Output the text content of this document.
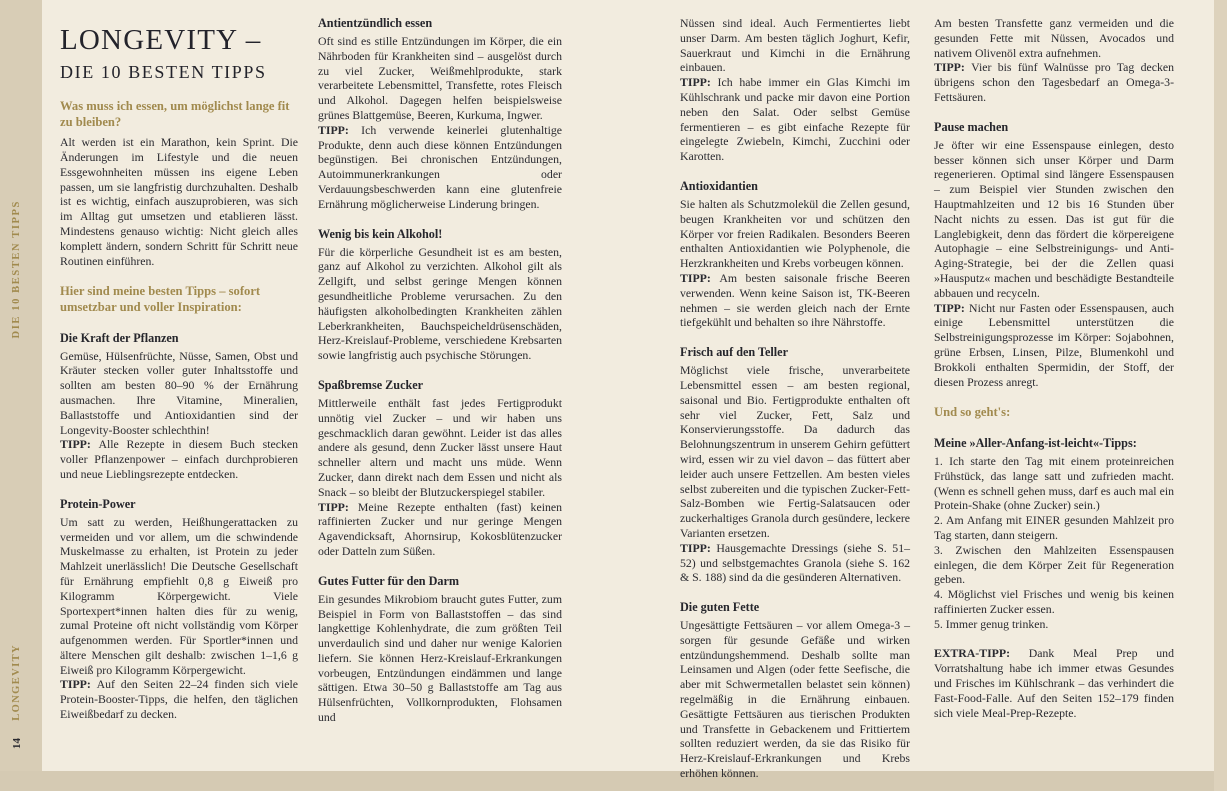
DIE 10 BESTEN TIPPS
LONGEVITY
14
LONGEVITY –
DIE 10 BESTEN TIPPS
Was muss ich essen, um möglichst lange fit zu bleiben?

Alt werden ist ein Marathon, kein Sprint. Die Änderungen im Lifestyle und die neuen Essgewohnheiten müssen ins eigene Leben passen, um sie langfristig durchzuhalten. Deshalb ist es wichtig, einfach auszuprobieren, was sich im Alltag gut umsetzen und etablieren lässt. Mindestens genauso wichtig: Nicht gleich alles komplett ändern, sondern Schritt für Schritt neue Routinen einführen.

Hier sind meine besten Tipps – sofort umsetzbar und voller Inspiration:
Die Kraft der Pflanzen

Gemüse, Hülsenfrüchte, Nüsse, Samen, Obst und Kräuter stecken voller guter Inhaltsstoffe und sollten am besten 80–90 % der Ernährung ausmachen. Ihre Vitamine, Mineralien, Ballaststoffe und Antioxidantien sind der Longevity-Booster schlechthin!

TIPP: Alle Rezepte in diesem Buch stecken voller Pflanzenpower – einfach durchprobieren und neue Lieblingsrezepte entdecken.

Protein-Power

Um satt zu werden, Heißhungerattacken zu vermeiden und vor allem, um die schwindende Muskelmasse zu erhalten, ist Protein zu jeder Mahlzeit unerlässlich! Die Deutsche Gesellschaft für Ernährung empfiehlt 0,8 g Eiweiß pro Kilogramm Körpergewicht. Viele Sportexpert*innen halten dies für zu wenig, zumal Proteine oft nicht vollständig vom Körper aufgenommen werden. Für Sportler*innen und ältere Menschen gilt deshalb: zwischen 1–1,6 g Eiweiß pro Kilogramm Körpergewicht.

TIPP: Auf den Seiten 22–24 finden sich viele Protein-Booster-Tipps, die helfen, den täglichen Eiweißbedarf zu decken.

Antientzündlich essen

Oft sind es stille Entzündungen im Körper, die ein Nährboden für Krankheiten sind – ausgelöst durch zu viel Zucker, Weißmehlprodukte, stark verarbeitete Lebensmittel, Transfette, rotes Fleisch und Alkohol. Dagegen helfen beispielsweise grünes Blattgemüse, Beeren, Kurkuma, Ingwer.

TIPP: Ich verwende keinerlei glutenhaltige Produkte, denn auch diese können Entzündungen begünstigen. Bei chronischen Entzündungen, Autoimmunerkrankungen oder Verdauungsbeschwerden kann eine glutenfreie Ernährung möglicherweise Linderung bringen.

Wenig bis kein Alkohol!

Für die körperliche Gesundheit ist es am besten, ganz auf Alkohol zu verzichten. Alkohol gilt als Zellgift, und selbst geringe Mengen können gesundheitliche Probleme verursachen. Zu den häufigsten alkoholbedingten Krankheiten zählen Leberkrankheiten, Bauchspeicheldrüsenschäden, Herz-Kreislauf-Probleme, verschiedene Krebsarten sowie langfristig auch psychische Störungen.

Spaßbremse Zucker

Mittlerweile enthält fast jedes Fertigprodukt unnötig viel Zucker – und wir haben uns geschmacklich daran gewöhnt. Leider ist das alles andere als gesund, denn Zucker lässt unsere Haut schneller altern und macht uns müde. Wenn Zucker, dann direkt nach dem Essen und nicht als Snack – so bleibt der Blutzuckerspiegel stabiler.

TIPP: Meine Rezepte enthalten (fast) keinen raffinierten Zucker und nur geringe Mengen Agavendicksaft, Ahornsirup, Kokosblütenzucker oder Datteln zum Süßen.

Gutes Futter für den Darm

Ein gesundes Mikrobiom braucht gutes Futter, zum Beispiel in Form von Ballaststoffen – das sind langkettige Kohlenhydrate, die zum größten Teil unverdaulich sind und daher nur wenige Kalorien liefern. Sie können Herz-Kreislauf-Erkrankungen vorbeugen, Entzündungen eindämmen und lange sättigen. Etwa 30–50 g Ballaststoffe am Tag aus Hülsenfrüchten, Vollkornprodukten, Flohsamen und

Nüssen sind ideal. Auch Fermentiertes liebt unser Darm. Am besten täglich Joghurt, Kefir, Sauerkraut und Kimchi in die Ernährung einbauen.

TIPP: Ich habe immer ein Glas Kimchi im Kühlschrank und packe mir davon eine Portion neben den Salat. Oder selbst Gemüse fermentieren – es gibt einfache Rezepte für eingelegte Zwiebeln, Kimchi, Zucchini oder Karotten.

Antioxidantien

Sie halten als Schutzmolekül die Zellen gesund, beugen Krankheiten vor und schützen den Körper vor freien Radikalen. Besonders Beeren enthalten Antioxidantien wie Polyphenole, die Herzkrankheiten und Krebs vorbeugen können.

TIPP: Am besten saisonale frische Beeren verwenden. Wenn keine Saison ist, TK-Beeren nehmen – sie werden gleich nach der Ernte tiefgekühlt und behalten so ihre Nährstoffe.

Frisch auf den Teller

Möglichst viele frische, unverarbeitete Lebensmittel essen – am besten regional, saisonal und Bio. Fertigprodukte enthalten oft sehr viel Zucker, Fett, Salz und Konservierungsstoffe. Da dadurch das Belohnungszentrum in unserem Gehirn gefüttert wird, essen wir zu viel davon – das füttert aber leider auch unsere Fettzellen. Am besten vieles selbst zubereiten und die typischen Zucker-Fett-Salz-Bomben wie Fertig-Salatsaucen oder zuckerhaltiges Granola durch gesündere, leckere Varianten ersetzen.

TIPP: Hausgemachte Dressings (siehe S. 51–52) und selbstgemachtes Granola (siehe S. 162 & S. 188) sind da die gesünderen Alternativen.

Die guten Fette

Ungesättigte Fettsäuren – vor allem Omega-3 – sorgen für gesunde Gefäße und wirken entzündungshemmend. Deshalb sollte man Leinsamen und Algen (oder fette Seefische, die aber mit Schwermetallen belastet sein können) regelmäßig in die Ernährung einbauen. Gesättigte Fettsäuren aus tierischen Produkten und Transfette in Gebackenem und Frittiertem sollten reduziert werden, da sie das Risiko für Herz-Kreislauf-Erkrankungen und Krebs erhöhen können.

Am besten Transfette ganz vermeiden und die gesunden Fette mit Nüssen, Avocados und nativem Olivenöl extra aufnehmen.

TIPP: Vier bis fünf Walnüsse pro Tag decken übrigens schon den Tagesbedarf an Omega-3-Fettsäuren.

Pause machen

Je öfter wir eine Essenspause einlegen, desto besser können sich unser Körper und Darm regenerieren. Optimal sind längere Essenspausen – zum Beispiel vier Stunden zwischen den Hauptmahlzeiten und 12 bis 16 Stunden über Nacht nichts zu essen. Das ist gut für die Langlebigkeit, denn das fördert die körpereigene Autophagie – eine Selbstreinigungs- und Anti-Aging-Strategie, bei der die Zellen quasi »Hausputz« machen und beschädigte Bestandteile abbauen und recyceln.

TIPP: Nicht nur Fasten oder Essenspausen, auch einige Lebensmittel unterstützen die Selbstreinigungsprozesse im Körper: Sojabohnen, grüne Erbsen, Linsen, Pilze, Blumenkohl und Brokkoli enthalten Spermidin, der Stoff, der diesen Prozess anregt.

Und so geht's:
Meine »Aller-Anfang-ist-leicht«-Tipps:

1. Ich starte den Tag mit einem proteinreichen Frühstück, das lange satt und zufrieden macht. (Wenn es schnell gehen muss, darf es auch mal ein Protein-Shake (ohne Zucker) sein.)

2. Am Anfang mit EINER gesunden Mahlzeit pro Tag starten, dann steigern.

3. Zwischen den Mahlzeiten Essenspausen einlegen, die dem Körper Zeit für Regeneration geben.

4. Möglichst viel Frisches und wenig bis keinen raffinierten Zucker essen.

5. Immer genug trinken.

EXTRA-TIPP: Dank Meal Prep und Vorratshaltung habe ich immer etwas Gesundes und Frisches im Kühlschrank – das verhindert die Fast-Food-Falle. Auf den Seiten 152–179 finden sich viele Meal-Prep-Rezepte.
